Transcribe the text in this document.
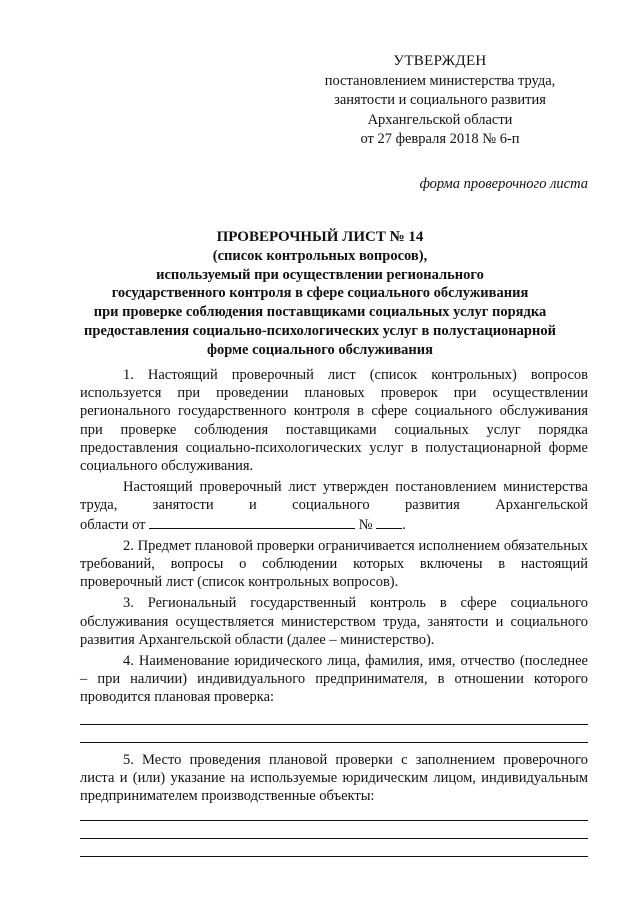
УТВЕРЖДЕН
постановлением министерства труда,
занятости и социального развития
Архангельской области
от 27 февраля 2018 № 6-п
форма проверочного листа
ПРОВЕРОЧНЫЙ ЛИСТ № 14
(список контрольных вопросов),
используемый при осуществлении регионального
государственного контроля в сфере социального обслуживания
при проверке соблюдения поставщиками социальных услуг порядка
предоставления социально-психологических услуг в полустационарной
форме социального обслуживания

1. Настоящий проверочный лист (список контрольных) вопросов используется при проведении плановых проверок при осуществлении регионального государственного контроля в сфере социального обслуживания при проверке соблюдения поставщиками социальных услуг порядка предоставления социально-психологических услуг в полустационарной форме социального обслуживания.

Настоящий проверочный лист утвержден постановлением министерства труда, занятости и социального развития Архангельской

области от	№ .

2. Предмет плановой проверки ограничивается исполнением обязательных требований, вопросы о соблюдении которых включены в настоящий проверочный лист (список контрольных вопросов).

3. Региональный государственный контроль в сфере социального обслуживания осуществляется министерством труда, занятости и социального развития Архангельской области (далее – министерство).

4. Наименование юридического лица, фамилия, имя, отчество (последнее – при наличии) индивидуального предпринимателя, в отношении которого проводится плановая проверка:

5. Место проведения плановой проверки с заполнением проверочного листа и (или) указание на используемые юридическим лицом, индивидуальным предпринимателем производственные объекты:
